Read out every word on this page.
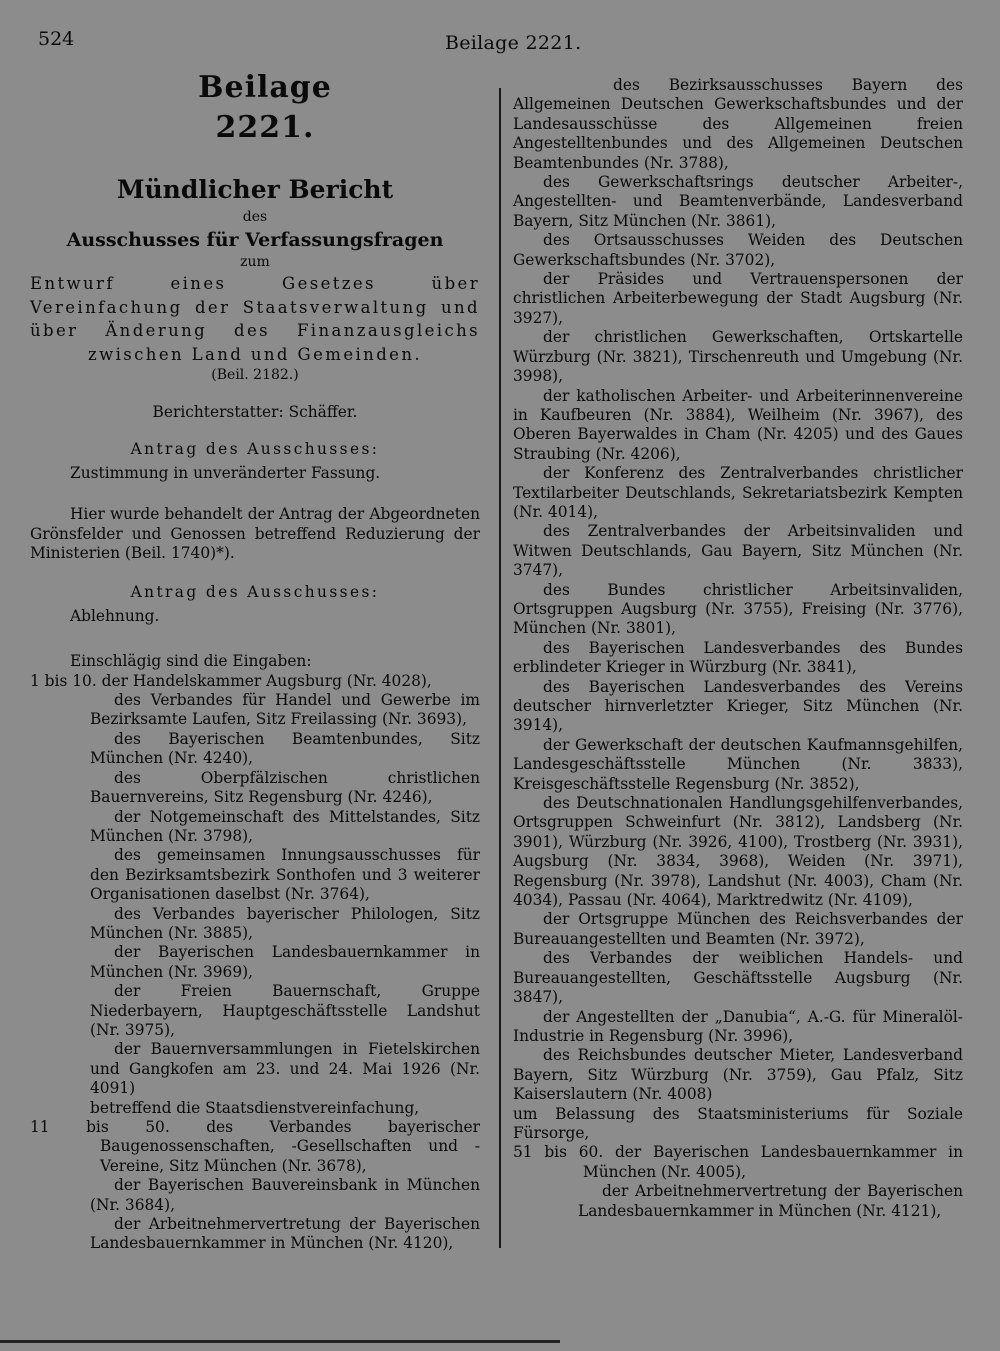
524	Beilage 2221.
Beilage 2221.
Mündlicher Bericht
des
Ausschusses für Verfassungsfragen
zum
Entwurf eines Gesetzes über Vereinfachung der Staatsverwaltung und über Änderung des Finanzausgleichs zwischen Land und Gemeinden.
(Beil. 2182.)
Berichterstatter: Schäffer.
Antrag des Ausschusses:
Zustimmung in unveränderter Fassung.
Hier wurde behandelt der Antrag der Abgeordneten Grönsfelder und Genossen betreffend Reduzierung der Ministerien (Beil. 1740)*).
Antrag des Ausschusses:
Ablehnung.
Einschlägig sind die Eingaben:

1 bis 10. der Handelskammer Augsburg (Nr. 4028),

des Verbandes für Handel und Gewerbe im Bezirksamte Laufen, Sitz Freilassing (Nr. 3693),

des Bayerischen Beamtenbundes, Sitz München (Nr. 4240),

des Oberpfälzischen christlichen Bauernvereins, Sitz Regensburg (Nr. 4246),

der Notgemeinschaft des Mittelstandes, Sitz München (Nr. 3798),

des gemeinsamen Innungsausschusses für den Bezirksamtsbezirk Sonthofen und 3 weiterer Organisationen daselbst (Nr. 3764),

des Verbandes bayerischer Philologen, Sitz München (Nr. 3885),

der Bayerischen Landesbauernkammer in München (Nr. 3969),

der Freien Bauernschaft, Gruppe Niederbayern, Hauptgeschäftsstelle Landshut (Nr. 3975),

der Bauernversammlungen in Fietelskirchen und Gangkofen am 23. und 24. Mai 1926 (Nr. 4091)

betreffend die Staatsdienstvereinfachung,

11 bis 50. des Verbandes bayerischer Baugenossenschaften, -Gesellschaften und -Vereine, Sitz München (Nr. 3678),

der Bayerischen Bauvereinsbank in München (Nr. 3684),

der Arbeitnehmervertretung der Bayerischen Landesbauernkammer in München (Nr. 4120),

des Bezirksausschusses Bayern des Allgemeinen Deutschen Gewerkschaftsbundes und der Landesausschüsse des Allgemeinen freien Angestelltenbundes und des Allgemeinen Deutschen Beamtenbundes (Nr. 3788),

des Gewerkschaftsrings deutscher Arbeiter-, Angestellten- und Beamtenverbände, Landesverband Bayern, Sitz München (Nr. 3861),

des Ortsausschusses Weiden des Deutschen Gewerkschaftsbundes (Nr. 3702),

der Präsides und Vertrauenspersonen der christlichen Arbeiterbewegung der Stadt Augsburg (Nr. 3927),

der christlichen Gewerkschaften, Ortskartelle Würzburg (Nr. 3821), Tirschenreuth und Umgebung (Nr. 3998),

der katholischen Arbeiter- und Arbeiterinnenvereine in Kaufbeuren (Nr. 3884), Weilheim (Nr. 3967), des Oberen Bayerwaldes in Cham (Nr. 4205) und des Gaues Straubing (Nr. 4206),

der Konferenz des Zentralverbandes christlicher Textilarbeiter Deutschlands, Sekretariatsbezirk Kempten (Nr. 4014),

des Zentralverbandes der Arbeitsinvaliden und Witwen Deutschlands, Gau Bayern, Sitz München (Nr. 3747),

des Bundes christlicher Arbeitsinvaliden, Ortsgruppen Augsburg (Nr. 3755), Freising (Nr. 3776), München (Nr. 3801),

des Bayerischen Landesverbandes des Bundes erblindeter Krieger in Würzburg (Nr. 3841),

des Bayerischen Landesverbandes des Vereins deutscher hirnverletzter Krieger, Sitz München (Nr. 3914),

der Gewerkschaft der deutschen Kaufmannsgehilfen, Landesgeschäftsstelle München (Nr. 3833), Kreisgeschäftsstelle Regensburg (Nr. 3852),

des Deutschnationalen Handlungsgehilfenverbandes, Ortsgruppen Schweinfurt (Nr. 3812), Landsberg (Nr. 3901), Würzburg (Nr. 3926, 4100), Trostberg (Nr. 3931), Augsburg (Nr. 3834, 3968), Weiden (Nr. 3971), Regensburg (Nr. 3978), Landshut (Nr. 4003), Cham (Nr. 4034), Passau (Nr. 4064), Marktredwitz (Nr. 4109),

der Ortsgruppe München des Reichsverbandes der Bureauangestellten und Beamten (Nr. 3972),

des Verbandes der weiblichen Handels- und Bureauangestellten, Geschäftsstelle Augsburg (Nr. 3847),

der Angestellten der „Danubia“, A.-G. für Mineralöl-Industrie in Regensburg (Nr. 3996),

des Reichsbundes deutscher Mieter, Landesverband Bayern, Sitz Würzburg (Nr. 3759), Gau Pfalz, Sitz Kaiserslautern (Nr. 4008)

um Belassung des Staatsministeriums für Soziale Fürsorge,

51 bis 60. der Bayerischen Landesbauernkammer in München (Nr. 4005),

der Arbeitnehmervertretung der Bayerischen Landesbauernkammer in München (Nr. 4121),
